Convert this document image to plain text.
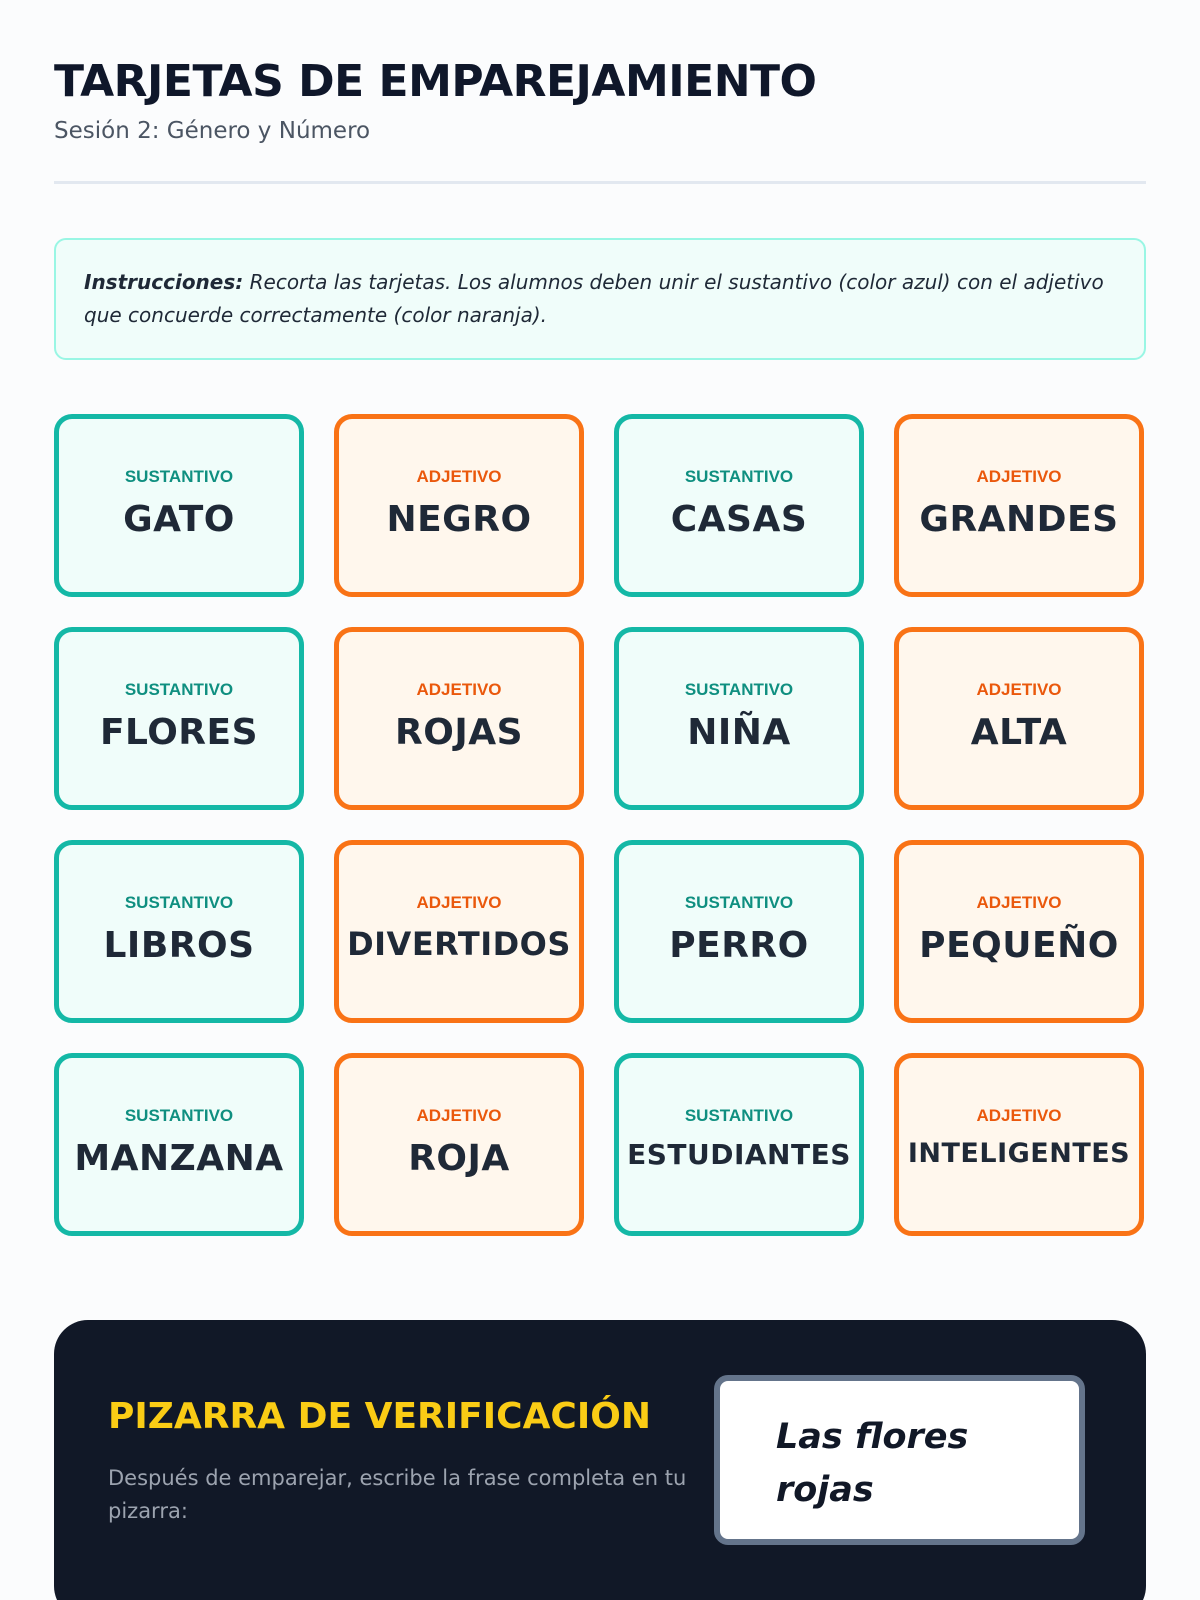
TARJETAS DE EMPAREJAMIENTO
Sesión 2: Género y Número
Instrucciones: Recorta las tarjetas. Los alumnos deben unir el sustantivo (color azul) con el adjetivo que concuerde correctamente (color naranja).
SUSTANTIVO
GATO
ADJETIVO
NEGRO
SUSTANTIVO
CASAS
ADJETIVO
GRANDES
SUSTANTIVO
FLORES
ADJETIVO
ROJAS
SUSTANTIVO
NIÑA
ADJETIVO
ALTA
SUSTANTIVO
LIBROS
ADJETIVO
DIVERTIDOS
SUSTANTIVO
PERRO
ADJETIVO
PEQUEÑO
SUSTANTIVO
MANZANA
ADJETIVO
ROJA
SUSTANTIVO
ESTUDIANTES
ADJETIVO
INTELIGENTES
PIZARRA DE VERIFICACIÓN
Después de emparejar, escribe la frase completa en tu pizarra:
Las flores rojas
